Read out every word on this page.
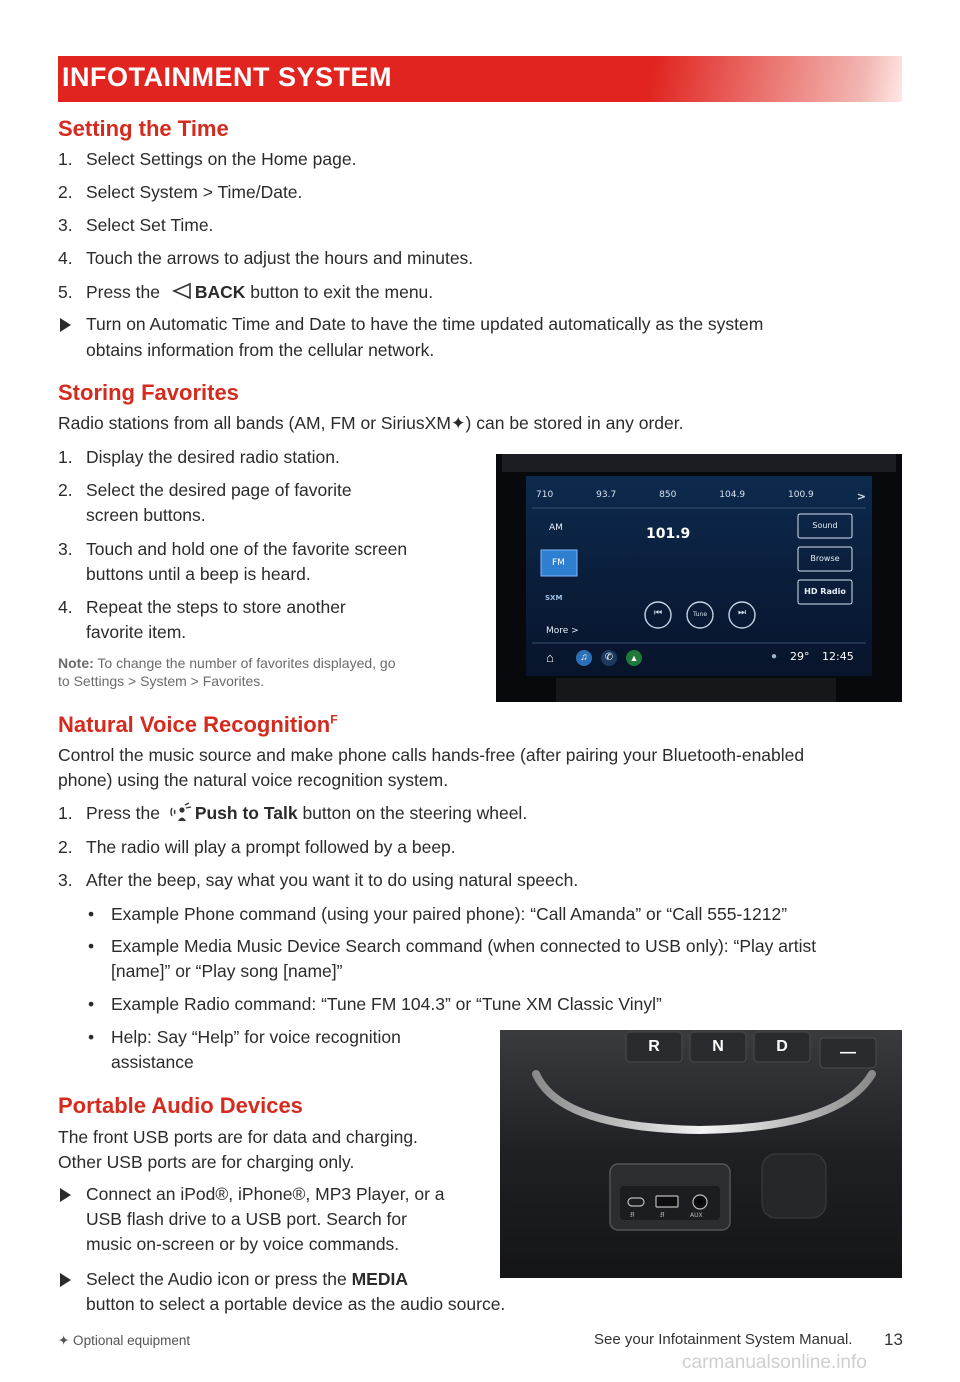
INFOTAINMENT SYSTEM
Setting the Time
1. Select Settings on the Home page.
2. Select System > Time/Date.
3. Select Set Time.
4. Touch the arrows to adjust the hours and minutes.
5. Press the BACK button to exit the menu.
Turn on Automatic Time and Date to have the time updated automatically as the system
obtains information from the cellular network.
Storing Favorites
Radio stations from all bands (AM, FM or SiriusXM✦) can be stored in any order.
1. Display the desired radio station.
2. Select the desired page of favorite
screen buttons.
3. Touch and hold one of the favorite screen
buttons until a beep is heard.
4. Repeat the steps to store another
favorite item.
Note: To change the number of favorites displayed, go
to Settings > System > Favorites.
710	93.7	850	104.9	100.9	>
AM
FM
SXM
More >
101.9
Sound
Browse
HD Radio
⏮	Tune	⏭
⌂	♫	✆	▲	● 29° 12:45
Natural Voice Recognition$^F$
Control the music source and make phone calls hands-free (after pairing your Bluetooth-enabled
phone) using the natural voice recognition system.
1. Press the Push to Talk button on the steering wheel.
2. The radio will play a prompt followed by a beep.
3. After the beep, say what you want it to do using natural speech.
• Example Phone command (using your paired phone): “Call Amanda” or “Call 555-1212”
• Example Media Music Device Search command (when connected to USB only): “Play artist
[name]” or “Play song [name]”
• Example Radio command: “Tune FM 104.3” or “Tune XM Classic Vinyl”
• Help: Say “Help” for voice recognition
assistance
Portable Audio Devices
The front USB ports are for data and charging.
Other USB ports are for charging only.
Connect an iPod®, iPhone®, MP3 Player, or a
USB flash drive to a USB port. Search for
music on-screen or by voice commands.
Select the Audio icon or press the MEDIA
button to select a portable device as the audio source.
R	N	D	—
AUX
⭿	⭿
✦ Optional equipment	See your Infotainment System Manual. 13
carmanualsonline.info
